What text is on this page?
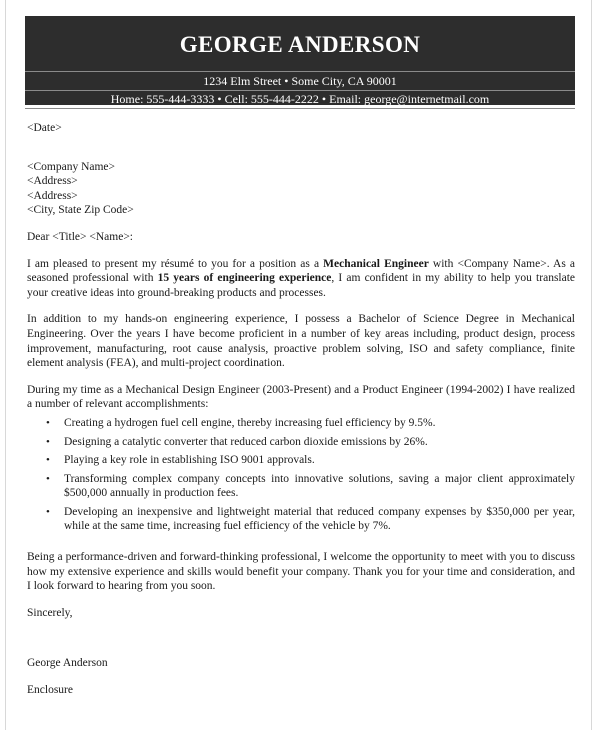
GEORGE ANDERSON
1234 Elm Street • Some City, CA 90001
Home: 555-444-3333 • Cell: 555-444-2222 • Email: george@internetmail.com

<Date>

<Company Name>

<Address>

<Address>

<City, State Zip Code>

Dear <Title> <Name>:

I am pleased to present my résumé to you for a position as a Mechanical Engineer with <Company Name>. As a seasoned professional with 15 years of engineering experience, I am confident in my ability to help you translate your creative ideas into ground-breaking products and processes.

In addition to my hands-on engineering experience, I possess a Bachelor of Science Degree in Mechanical Engineering. Over the years I have become proficient in a number of key areas including, product design, process improvement, manufacturing, root cause analysis, proactive problem solving, ISO and safety compliance, finite element analysis (FEA), and multi-project coordination.

During my time as a Mechanical Design Engineer (2003-Present) and a Product Engineer (1994-2002) I have realized a number of relevant accomplishments:

• Creating a hydrogen fuel cell engine, thereby increasing fuel efficiency by 9.5%.
• Designing a catalytic converter that reduced carbon dioxide emissions by 26%.
• Playing a key role in establishing ISO 9001 approvals.
• Transforming complex company concepts into innovative solutions, saving a major client approximately $500,000 annually in production fees.
• Developing an inexpensive and lightweight material that reduced company expenses by $350,000 per year, while at the same time, increasing fuel efficiency of the vehicle by 7%.

Being a performance-driven and forward-thinking professional, I welcome the opportunity to meet with you to discuss how my extensive experience and skills would benefit your company. Thank you for your time and consideration, and I look forward to hearing from you soon.

Sincerely,

George Anderson

Enclosure
